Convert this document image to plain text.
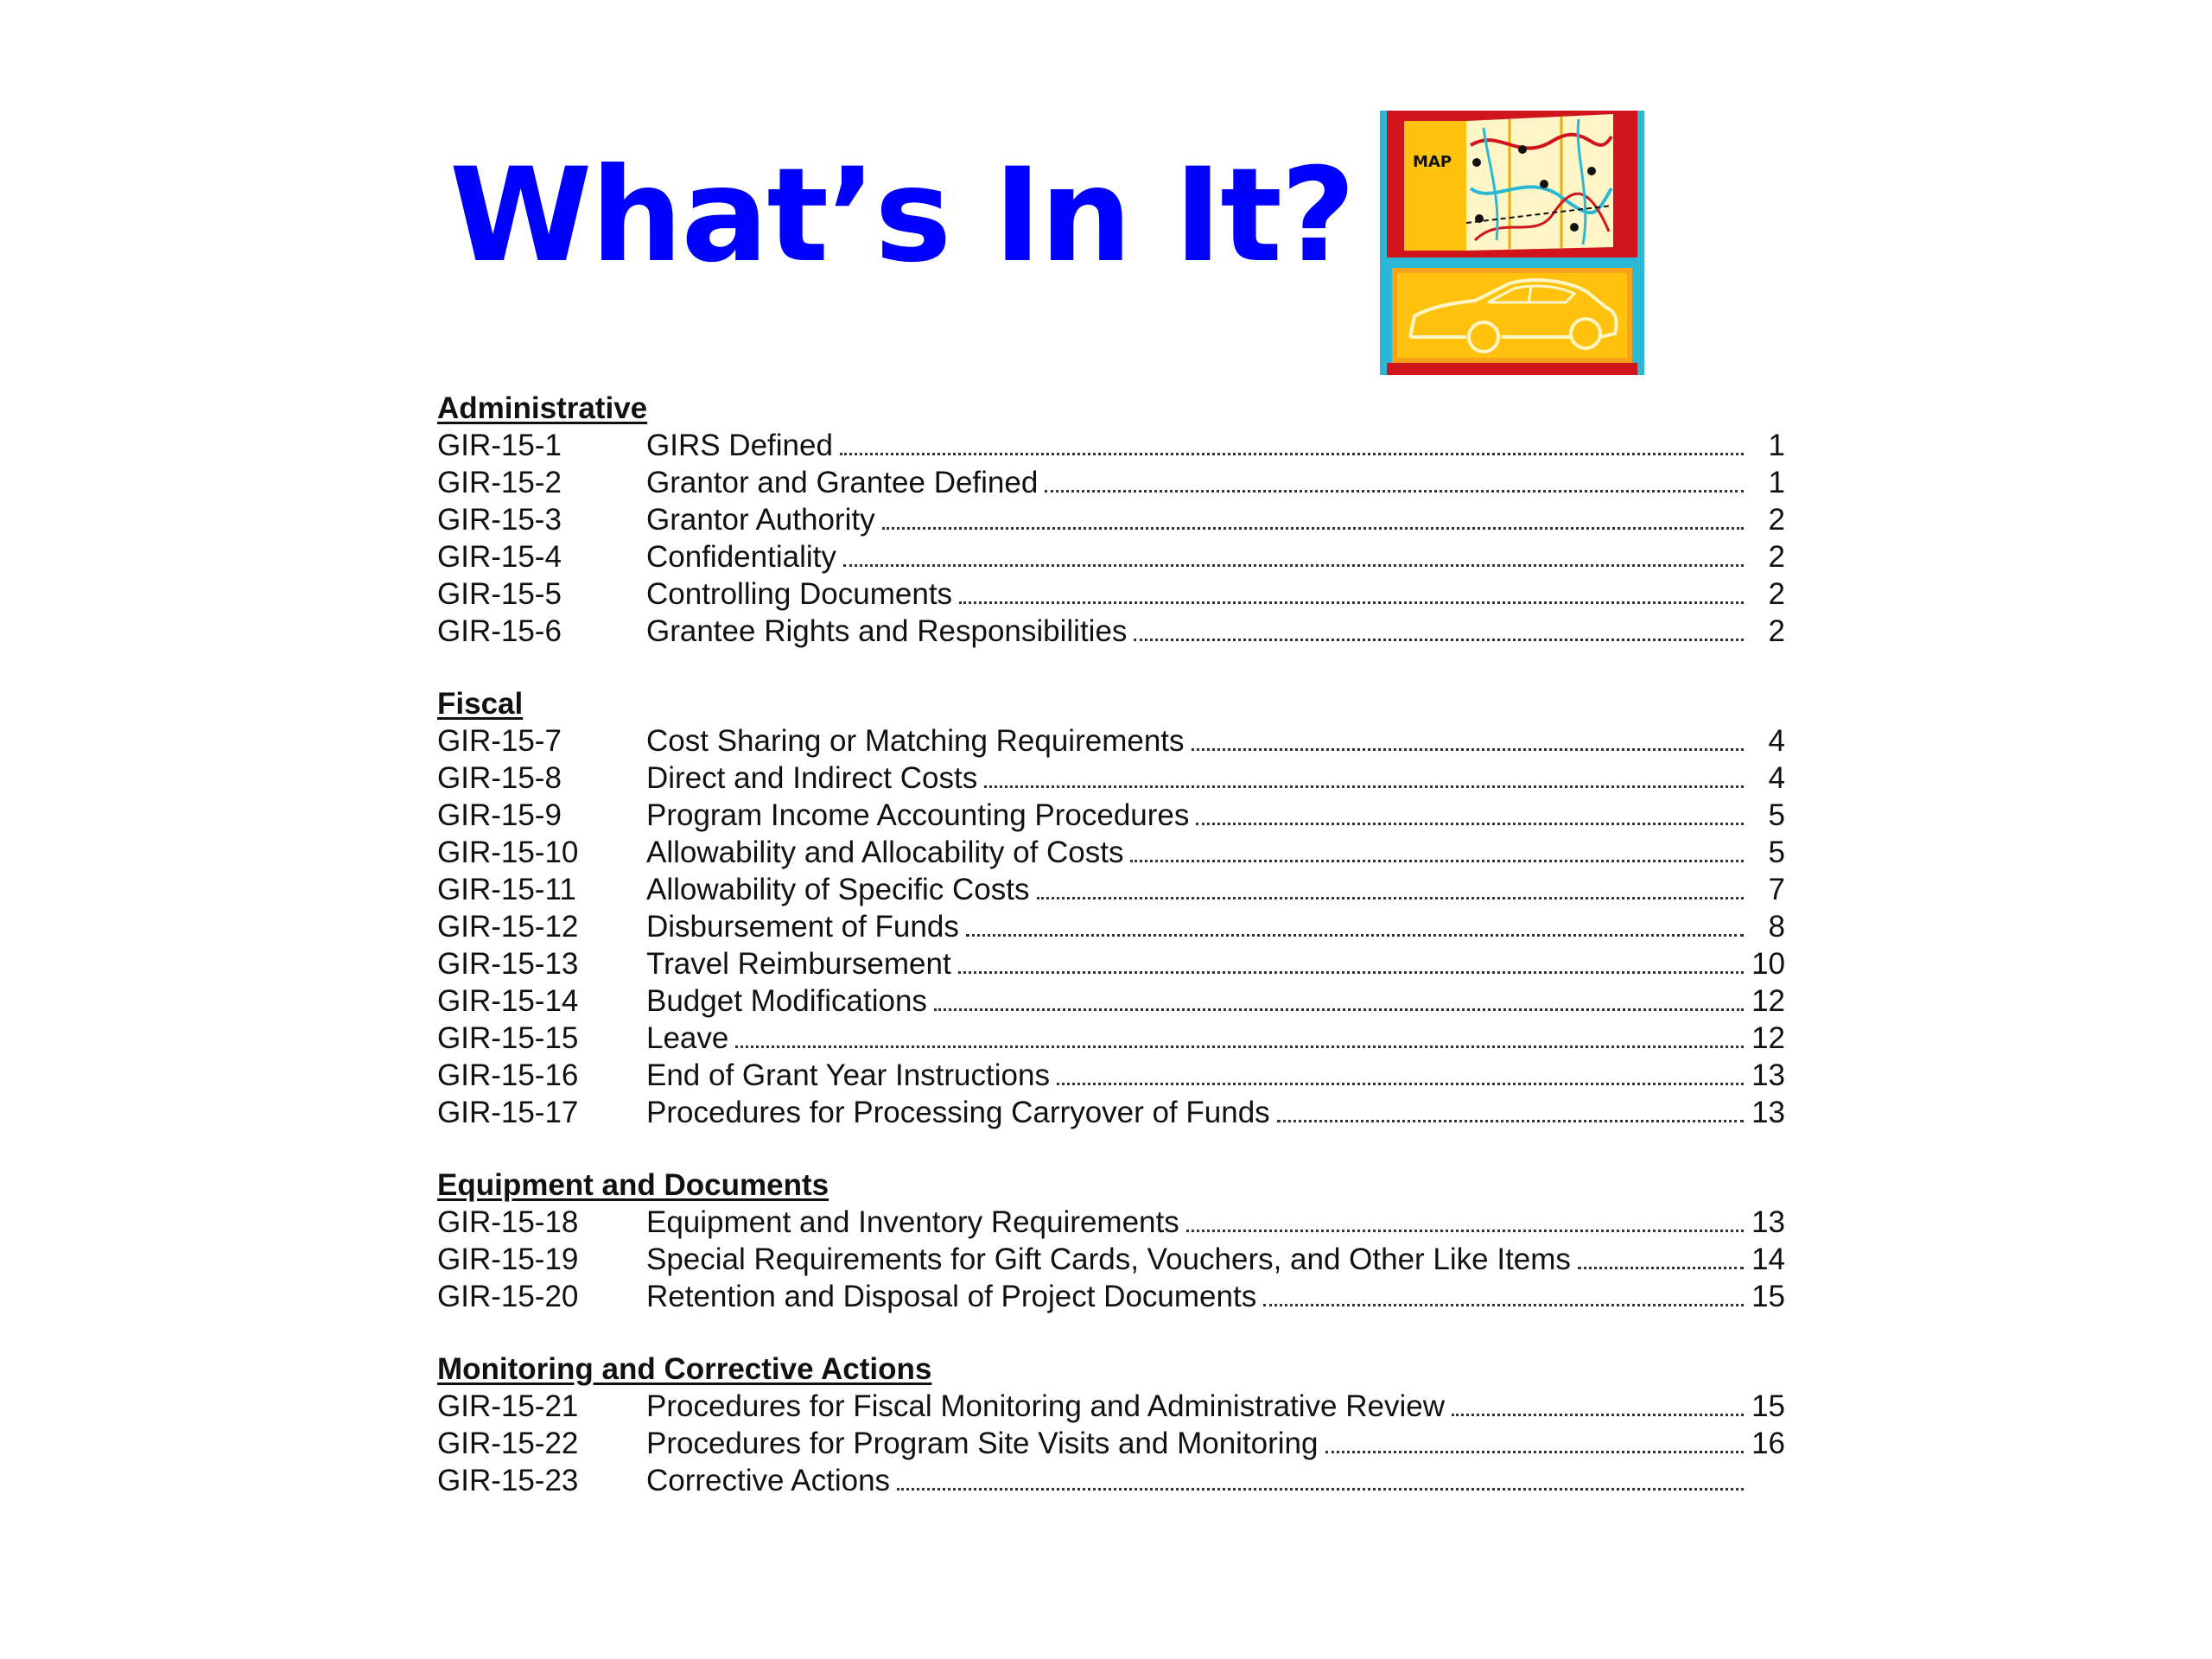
What’s In It?	MAP
Administrative
GIR-15-1	GIRS Defined	1
GIR-15-2	Grantor and Grantee Defined	1
GIR-15-3	Grantor Authority	2
GIR-15-4	Confidentiality	2
GIR-15-5	Controlling Documents	2
GIR-15-6	Grantee Rights and Responsibilities	2
Fiscal
GIR-15-7	Cost Sharing or Matching Requirements	4
GIR-15-8	Direct and Indirect Costs	4
GIR-15-9	Program Income Accounting Procedures	5
GIR-15-10	Allowability and Allocability of Costs	5
GIR-15-11	Allowability of Specific Costs	7
GIR-15-12	Disbursement of Funds	8
GIR-15-13	Travel Reimbursement	10
GIR-15-14	Budget Modifications	12
GIR-15-15	Leave	12
GIR-15-16	End of Grant Year Instructions	13
GIR-15-17	Procedures for Processing Carryover of Funds	13
Equipment and Documents
GIR-15-18	Equipment and Inventory Requirements	13
GIR-15-19	Special Requirements for Gift Cards, Vouchers, and Other Like Items	14
GIR-15-20	Retention and Disposal of Project Documents	15
Monitoring and Corrective Actions
GIR-15-21	Procedures for Fiscal Monitoring and Administrative Review	15
GIR-15-22	Procedures for Program Site Visits and Monitoring	16
GIR-15-23	Corrective Actions
